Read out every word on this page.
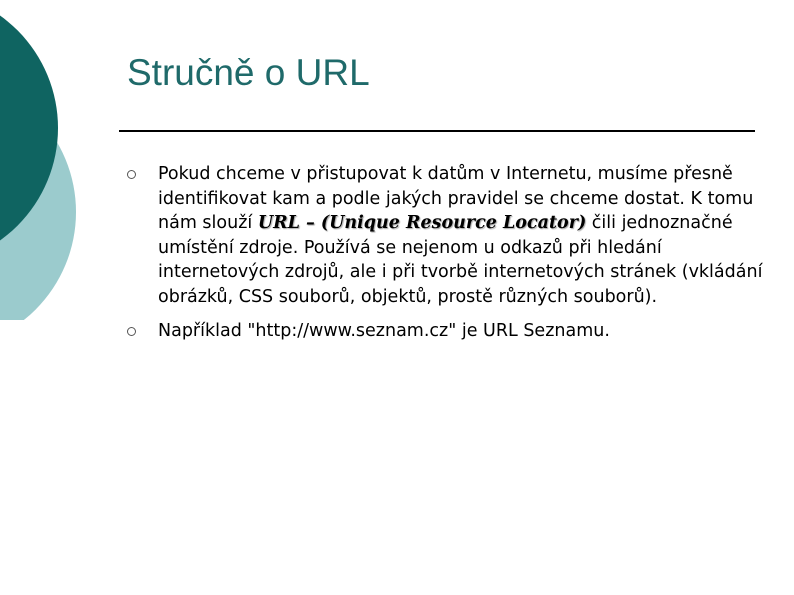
Stručně o URL
Pokud chceme v přistupovat k datům v Internetu, musíme přesně identifikovat kam a podle jakých pravidel se chceme dostat. K tomu nám slouží URL – (Unique Resource Locator) čili jednoznačné umístění zdroje. Používá se nejenom u odkazů při hledání internetových zdrojů, ale i při tvorbě internetových stránek (vkládání obrázků, CSS souborů, objektů, prostě různých souborů).
Například "http://www.seznam.cz" je URL Seznamu.
